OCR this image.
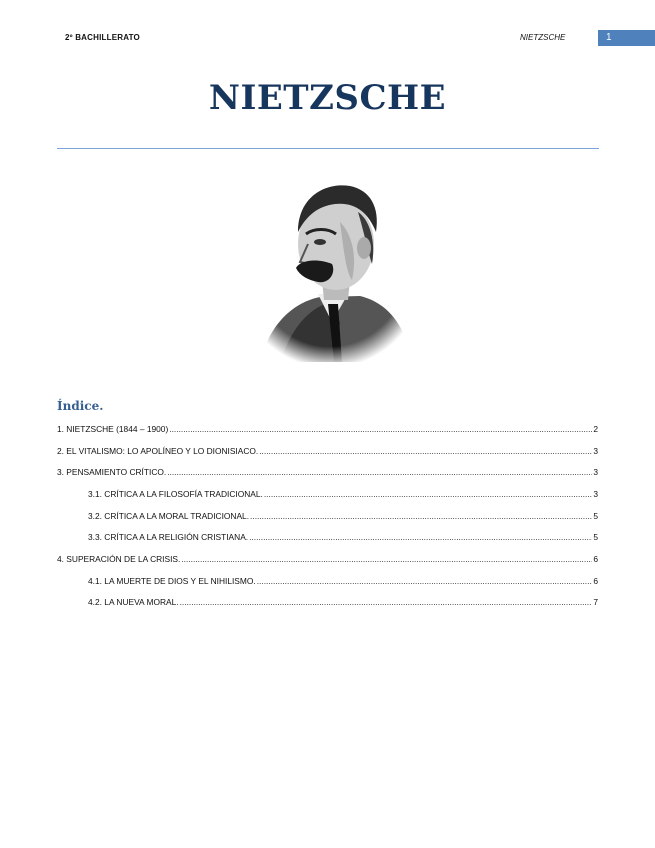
2º BACHILLERATO	NIETZSCHE	1
NIETZSCHE
Índice.
1. NIETZSCHE (1844 – 1900) .....	2
2. EL VITALISMO: LO APOLÍNEO Y LO DIONISIACO. .....	3
3. PENSAMIENTO CRÍTICO. .....	3
3.1. CRÍTICA A LA FILOSOFÍA TRADICIONAL. .....	3
3.2. CRÍTICA A LA MORAL TRADICIONAL. .....	5
3.3. CRÍTICA A LA RELIGIÓN CRISTIANA. .....	5
4. SUPERACIÓN DE LA CRISIS. .....	6
4.1. LA MUERTE DE DIOS Y EL NIHILISMO. .....	6
4.2. LA NUEVA MORAL. .....	7
